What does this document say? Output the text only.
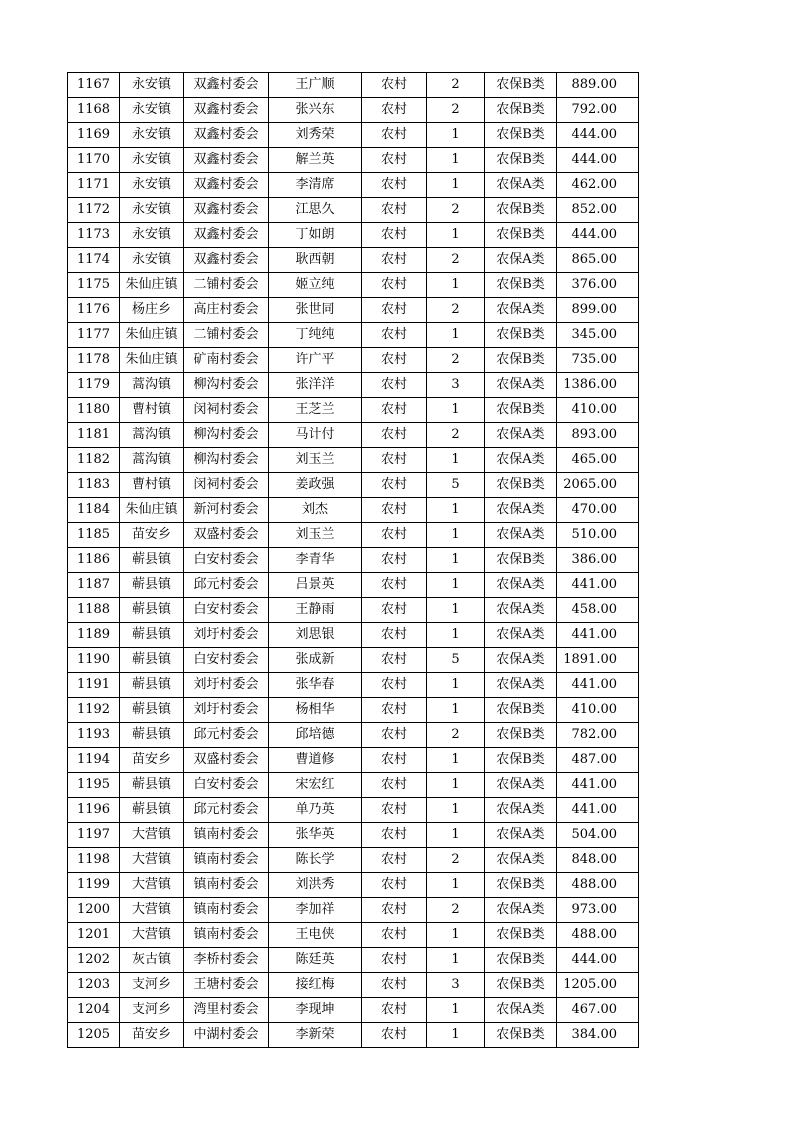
1167	永安镇	双鑫村委会	王广顺	农村	2	农保B类	889.00
1168	永安镇	双鑫村委会	张兴东	农村	2	农保B类	792.00
1169	永安镇	双鑫村委会	刘秀荣	农村	1	农保B类	444.00
1170	永安镇	双鑫村委会	解兰英	农村	1	农保B类	444.00
1171	永安镇	双鑫村委会	李清席	农村	1	农保A类	462.00
1172	永安镇	双鑫村委会	江思久	农村	2	农保B类	852.00
1173	永安镇	双鑫村委会	丁如朗	农村	1	农保B类	444.00
1174	永安镇	双鑫村委会	耿西朝	农村	2	农保A类	865.00
1175	朱仙庄镇	二铺村委会	姬立纯	农村	1	农保B类	376.00
1176	杨庄乡	高庄村委会	张世同	农村	2	农保A类	899.00
1177	朱仙庄镇	二铺村委会	丁纯纯	农村	1	农保B类	345.00
1178	朱仙庄镇	矿南村委会	许广平	农村	2	农保B类	735.00
1179	蒿沟镇	柳沟村委会	张洋洋	农村	3	农保A类	1386.00
1180	曹村镇	闵祠村委会	王芝兰	农村	1	农保B类	410.00
1181	蒿沟镇	柳沟村委会	马计付	农村	2	农保A类	893.00
1182	蒿沟镇	柳沟村委会	刘玉兰	农村	1	农保A类	465.00
1183	曹村镇	闵祠村委会	姜政强	农村	5	农保B类	2065.00
1184	朱仙庄镇	新河村委会	刘杰	农村	1	农保A类	470.00
1185	苗安乡	双盛村委会	刘玉兰	农村	1	农保A类	510.00
1186	蕲县镇	白安村委会	李青华	农村	1	农保B类	386.00
1187	蕲县镇	邱元村委会	吕景英	农村	1	农保A类	441.00
1188	蕲县镇	白安村委会	王静雨	农村	1	农保A类	458.00
1189	蕲县镇	刘圩村委会	刘思银	农村	1	农保A类	441.00
1190	蕲县镇	白安村委会	张成新	农村	5	农保A类	1891.00
1191	蕲县镇	刘圩村委会	张华春	农村	1	农保A类	441.00
1192	蕲县镇	刘圩村委会	杨相华	农村	1	农保B类	410.00
1193	蕲县镇	邱元村委会	邱培德	农村	2	农保B类	782.00
1194	苗安乡	双盛村委会	曹道修	农村	1	农保B类	487.00
1195	蕲县镇	白安村委会	宋宏红	农村	1	农保A类	441.00
1196	蕲县镇	邱元村委会	单乃英	农村	1	农保A类	441.00
1197	大营镇	镇南村委会	张华英	农村	1	农保A类	504.00
1198	大营镇	镇南村委会	陈长学	农村	2	农保A类	848.00
1199	大营镇	镇南村委会	刘洪秀	农村	1	农保B类	488.00
1200	大营镇	镇南村委会	李加祥	农村	2	农保A类	973.00
1201	大营镇	镇南村委会	王电侠	农村	1	农保B类	488.00
1202	灰古镇	李桥村委会	陈廷英	农村	1	农保B类	444.00
1203	支河乡	王塘村委会	接红梅	农村	3	农保B类	1205.00
1204	支河乡	湾里村委会	李现坤	农村	1	农保A类	467.00
1205	苗安乡	中湖村委会	李新荣	农村	1	农保B类	384.00
